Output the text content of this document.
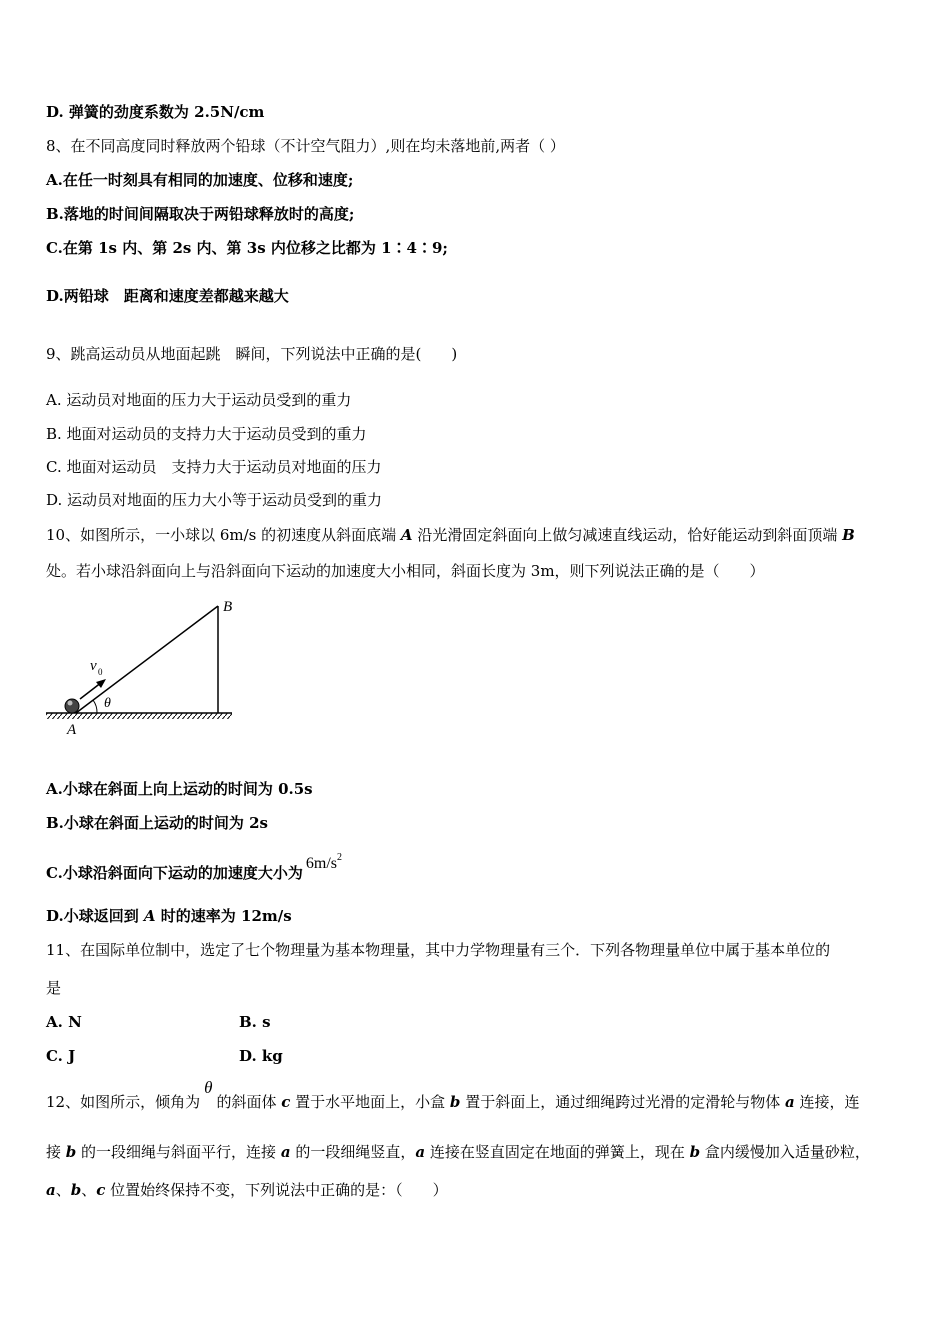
D. 弹簧的劲度系数为 2.5N/cm
8、在不同高度同时释放两个铅球（不计空气阻力）,则在均未落地前,两者（ ）
A.在任一时刻具有相同的加速度、位移和速度;
B.落地的时间间隔取决于两铅球释放时的高度;
C.在第 1s 内、第 2s 内、第 3s 内位移之比都为 1∶4∶9;
D.两铅球　距离和速度差都越来越大
9、跳高运动员从地面起跳　瞬间，下列说法中正确的是(　　)
A. 运动员对地面的压力大于运动员受到的重力
B. 地面对运动员的支持力大于运动员受到的重力
C. 地面对运动员　支持力大于运动员对地面的压力
D. 运动员对地面的压力大小等于运动员受到的重力
10、如图所示，一小球以 6m/s 的初速度从斜面底端 A 沿光滑固定斜面向上做匀减速直线运动，恰好能运动到斜面顶端 B
处。若小球沿斜面向上与沿斜面向下运动的加速度大小相同，斜面长度为 3m，则下列说法正确的是（　　）
B
A
v 0
θ
A.小球在斜面上向上运动的时间为 0.5s
B.小球在斜面上运动的时间为 2s
C.小球沿斜面向下运动的加速度大小为$6m/s^2$
D.小球返回到 A 时的速率为 12m/s
11、在国际单位制中，选定了七个物理量为基本物理量，其中力学物理量有三个．下列各物理量单位中属于基本单位的
是
A. N	B. s
C. J	D. kg
12、如图所示，倾角为θ的斜面体 c 置于水平地面上，小盒 b 置于斜面上，通过细绳跨过光滑的定滑轮与物体 a 连接，连
接 b 的一段细绳与斜面平行，连接 a 的一段细绳竖直，a 连接在竖直固定在地面的弹簧上，现在 b 盒内缓慢加入适量砂粒，
a、b、c 位置始终保持不变，下列说法中正确的是：（　　）
